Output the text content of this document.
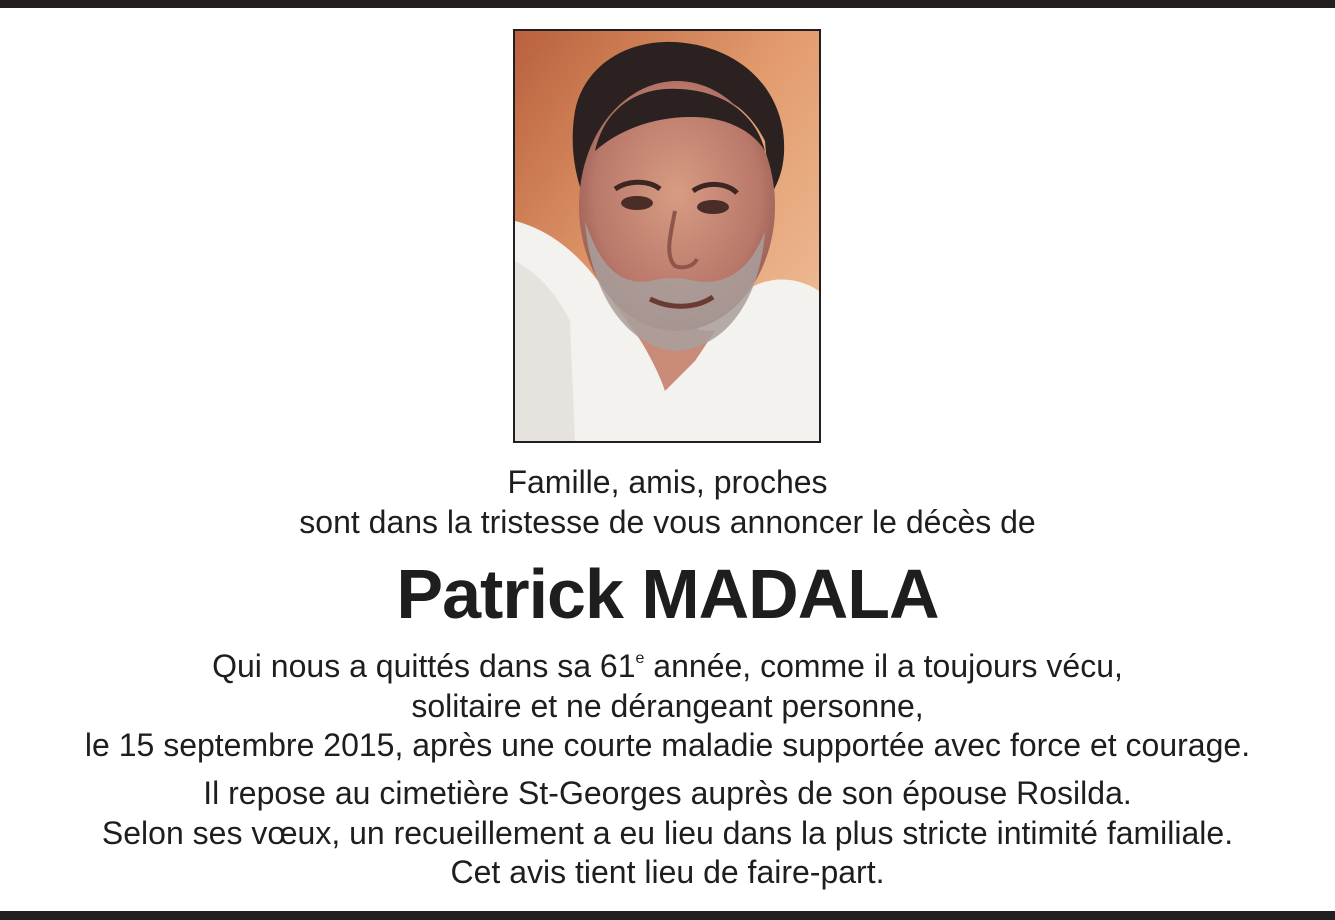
Famille, amis, proches
sont dans la tristesse de vous annoncer le décès de
Patrick MADALA
Qui nous a quittés dans sa 61e année, comme il a toujours vécu,
solitaire et ne dérangeant personne,
le 15 septembre 2015, après une courte maladie supportée avec force et courage.
Il repose au cimetière St-Georges auprès de son épouse Rosilda.
Selon ses vœux, un recueillement a eu lieu dans la plus stricte intimité familiale.
Cet avis tient lieu de faire-part.
